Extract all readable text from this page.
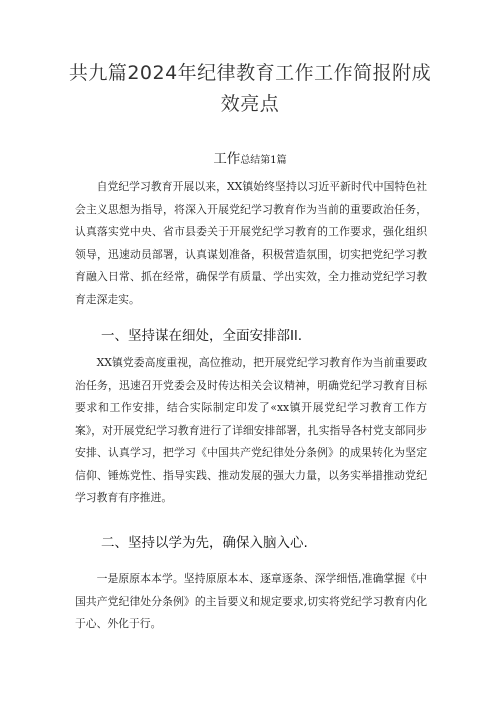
共九篇2024年纪律教育工作工作简报附成
效亮点
工作总结第1篇
自党纪学习教育开展以来，XX镇始终坚持以习近平新时代中国特色社会主义思想为指导，将深入开展党纪学习教育作为当前的重要政治任务，认真落实党中央、省市县委关于开展党纪学习教育的工作要求，强化组织领导，迅速动员部署，认真谋划准备，积极营造氛围，切实把党纪学习教育融入日常、抓在经常，确保学有质量、学出实效，全力推动党纪学习教育走深走实。
一、坚持谋在细处，全面安排部Il.
XX镇党委高度重视，高位推动，把开展党纪学习教育作为当前重要政治任务，迅速召开党委会及时传达相关会议精神，明确党纪学习教育目标要求和工作安排，结合实际制定印发了«xx镇开展党纪学习教育工作方案》，对开展党纪学习教育进行了详细安排部署，扎实指导各村党支部同步安排、认真学习，把学习《中国共产党纪律处分条例》的成果转化为坚定信仰、锤炼党性、指导实践、推动发展的强大力量，以务实举措推动党纪学习教育有序推进。
二、坚持以学为先，确保入脑入心.
一是原原本本学。坚持原原本本、逐章逐条、深学细悟,准确掌握《中国共产党纪律处分条例》的主旨要义和规定要求,切实将党纪学习教育内化于心、外化于行。
